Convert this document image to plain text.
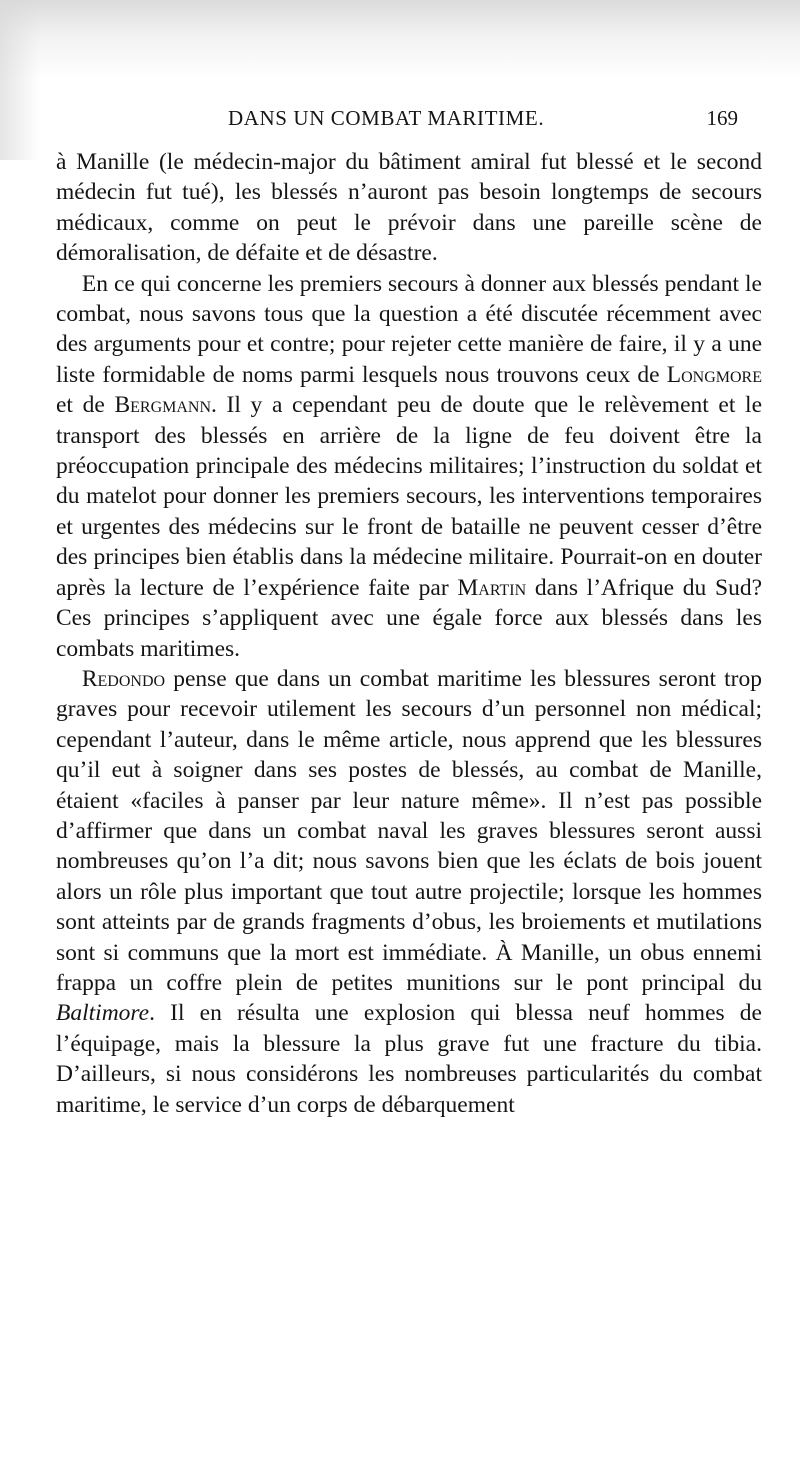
DANS UN COMBAT MARITIME.	169

à Manille (le médecin-major du bâtiment amiral fut blessé et le second médecin fut tué), les blessés n’auront pas besoin longtemps de secours médicaux, comme on peut le prévoir dans une pareille scène de démoralisation, de défaite et de désastre.

En ce qui concerne les premiers secours à donner aux blessés pendant le combat, nous savons tous que la question a été discutée récemment avec des arguments pour et contre; pour rejeter cette manière de faire, il y a une liste formidable de noms parmi lesquels nous trouvons ceux de Longmore et de Bergmann. Il y a cependant peu de doute que le relèvement et le transport des blessés en arrière de la ligne de feu doivent être la préoccupation principale des médecins militaires; l’instruction du soldat et du matelot pour donner les premiers secours, les interventions temporaires et urgentes des médecins sur le front de bataille ne peuvent cesser d’être des principes bien établis dans la médecine militaire. Pourrait-on en douter après la lecture de l’expérience faite par Martin dans l’Afrique du Sud? Ces principes s’appliquent avec une égale force aux blessés dans les combats maritimes.

Redondo pense que dans un combat maritime les blessures seront trop graves pour recevoir utilement les secours d’un personnel non médical; cependant l’auteur, dans le même article, nous apprend que les blessures qu’il eut à soigner dans ses postes de blessés, au combat de Manille, étaient «faciles à panser par leur nature même». Il n’est pas possible d’affirmer que dans un combat naval les graves blessures seront aussi nombreuses qu’on l’a dit; nous savons bien que les éclats de bois jouent alors un rôle plus important que tout autre projectile; lorsque les hommes sont atteints par de grands fragments d’obus, les broiements et mutilations sont si communs que la mort est immédiate. À Manille, un obus ennemi frappa un coffre plein de petites munitions sur le pont principal du Baltimore. Il en résulta une explosion qui blessa neuf hommes de l’équipage, mais la blessure la plus grave fut une fracture du tibia. D’ailleurs, si nous considérons les nombreuses particularités du combat maritime, le service d’un corps de débarquement
